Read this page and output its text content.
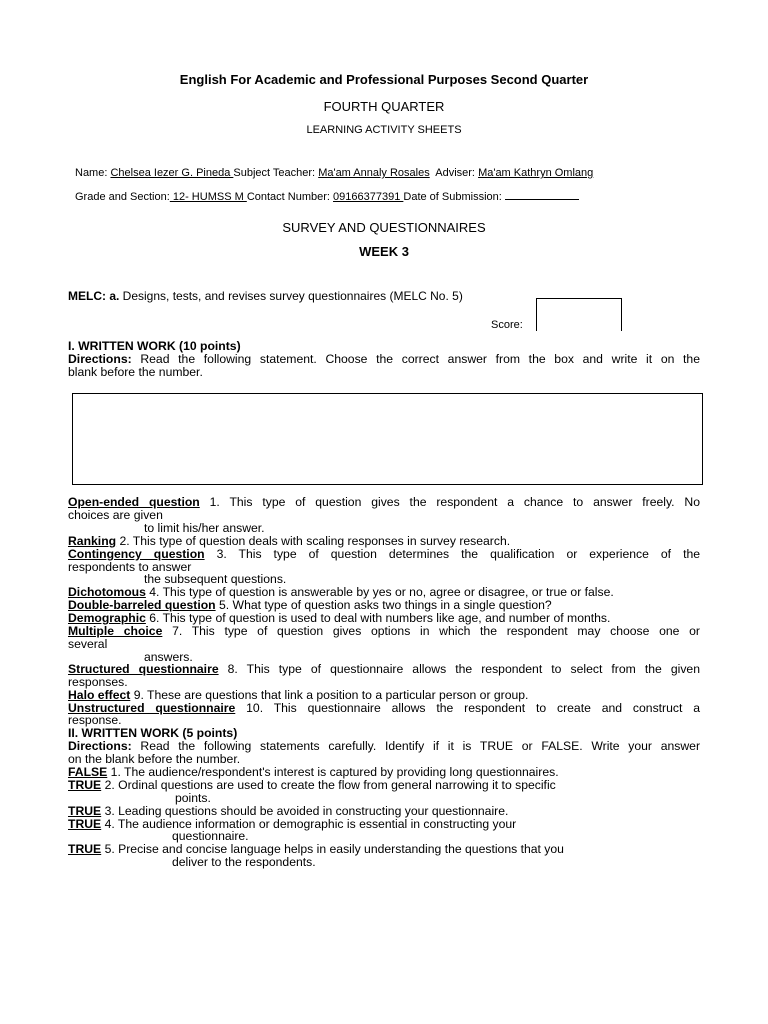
English For Academic and Professional Purposes Second Quarter
FOURTH QUARTER
LEARNING ACTIVITY SHEETS
Name: Chelsea Iezer G. Pineda Subject Teacher: Ma'am Annaly Rosales Adviser: Ma'am Kathryn Omlang
Grade and Section: 12- HUMSS M Contact Number: 09166377391 Date of Submission:
SURVEY AND QUESTIONNAIRES
WEEK 3
MELC: a. Designs, tests, and revises survey questionnaires (MELC No. 5)
Score:
I. WRITTEN WORK (10 points)
Directions: Read the following statement. Choose the correct answer from the box and write it on the
blank before the number.
Open-ended question 1. This type of question gives the respondent a chance to answer freely. No
choices are given
to limit his/her answer.
Ranking 2. This type of question deals with scaling responses in survey research.
Contingency question 3. This type of question determines the qualification or experience of the
respondents to answer
the subsequent questions.
Dichotomous 4. This type of question is answerable by yes or no, agree or disagree, or true or false.
Double-barreled question 5. What type of question asks two things in a single question?
Demographic 6. This type of question is used to deal with numbers like age, and number of months.
Multiple choice 7. This type of question gives options in which the respondent may choose one or
several
answers.
Structured questionnaire 8. This type of questionnaire allows the respondent to select from the given
responses.
Halo effect 9. These are questions that link a position to a particular person or group.
Unstructured questionnaire 10. This questionnaire allows the respondent to create and construct a
response.
II. WRITTEN WORK (5 points)
Directions: Read the following statements carefully. Identify if it is TRUE or FALSE. Write your answer
on the blank before the number.
FALSE 1. The audience/respondent's interest is captured by providing long questionnaires.
TRUE 2. Ordinal questions are used to create the flow from general narrowing it to specific
points.
TRUE 3. Leading questions should be avoided in constructing your questionnaire.
TRUE 4. The audience information or demographic is essential in constructing your
questionnaire.
TRUE 5. Precise and concise language helps in easily understanding the questions that you
deliver to the respondents.
